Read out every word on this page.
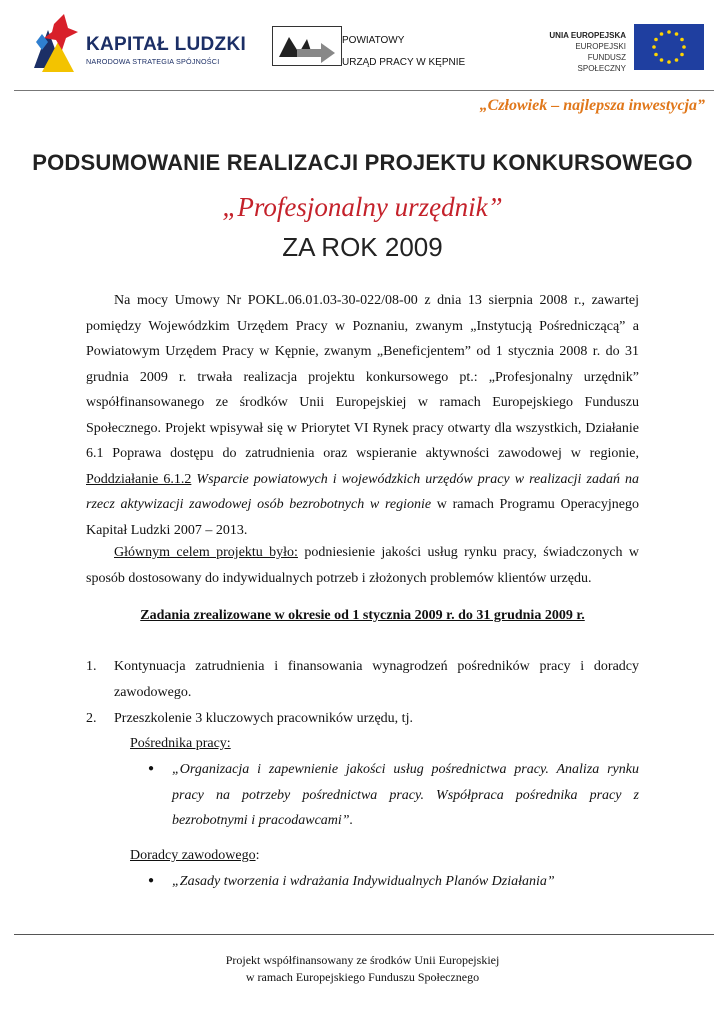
KAPITAŁ LUDZKI
NARODOWA STRATEGIA SPÓJNOŚCI
POWIATOWY
URZĄD PRACY W KĘPNIE
UNIA EUROPEJSKA
EUROPEJSKI
FUNDUSZ SPOŁECZNY
„Człowiek – najlepsza inwestycja”
PODSUMOWANIE REALIZACJI PROJEKTU KONKURSOWEGO
„Profesjonalny urzędnik”
ZA ROK 2009
Na mocy Umowy Nr POKL.06.01.03-30-022/08-00 z dnia 13 sierpnia 2008 r., zawartej pomiędzy Wojewódzkim Urzędem Pracy w Poznaniu, zwanym „Instytucją Pośredniczącą” a Powiatowym Urzędem Pracy w Kępnie, zwanym „Beneficjentem” od 1 stycznia 2008 r. do 31 grudnia 2009 r. trwała realizacja projektu konkursowego pt.: „Profesjonalny urzędnik” współfinansowanego ze środków Unii Europejskiej w ramach Europejskiego Funduszu Społecznego. Projekt wpisywał się w Priorytet VI Rynek pracy otwarty dla wszystkich, Działanie 6.1 Poprawa dostępu do zatrudnienia oraz wspieranie aktywności zawodowej w regionie, Poddziałanie 6.1.2 Wsparcie powiatowych i wojewódzkich urzędów pracy w realizacji zadań na rzecz aktywizacji zawodowej osób bezrobotnych w regionie w ramach Programu Operacyjnego Kapitał Ludzki 2007 – 2013.
Głównym celem projektu było: podniesienie jakości usług rynku pracy, świadczonych w sposób dostosowany do indywidualnych potrzeb i złożonych problemów klientów urzędu.
Zadania zrealizowane w okresie od 1 stycznia 2009 r. do 31 grudnia 2009 r.
1. Kontynuacja zatrudnienia i finansowania wynagrodzeń pośredników pracy i doradcy zawodowego.
2. Przeszkolenie 3 kluczowych pracowników urzędu, tj.
Pośrednika pracy:
● „Organizacja i zapewnienie jakości usług pośrednictwa pracy. Analiza rynku pracy na potrzeby pośrednictwa pracy. Współpraca pośrednika pracy z bezrobotnymi i pracodawcami”.
Doradcy zawodowego:
● „Zasady tworzenia i wdrażania Indywidualnych Planów Działania”
Projekt współfinansowany ze środków Unii Europejskiej
w ramach Europejskiego Funduszu Społecznego
